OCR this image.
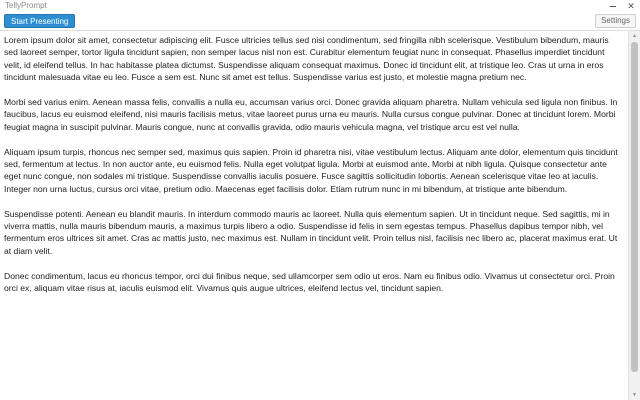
TellyPrompt	✕
Start Presenting	Settings

Lorem ipsum dolor sit amet, consectetur adipiscing elit. Fusce ultricies tellus sed nisi condimentum, sed fringilla nibh scelerisque. Vestibulum bibendum, mauris sed laoreet semper, tortor ligula tincidunt sapien, non semper lacus nisl non est. Curabitur elementum feugiat nunc in consequat. Phasellus imperdiet tincidunt velit, id eleifend tellus. In hac habitasse platea dictumst. Suspendisse aliquam consequat maximus. Donec id tincidunt elit, at tristique leo. Cras ut urna in eros tincidunt malesuada vitae eu leo. Fusce a sem est. Nunc sit amet est tellus. Suspendisse varius est justo, et molestie magna pretium nec.

Morbi sed varius enim. Aenean massa felis, convallis a nulla eu, accumsan varius orci. Donec gravida aliquam pharetra. Nullam vehicula sed ligula non finibus. In faucibus, lacus eu euismod eleifend, nisi mauris facilisis metus, vitae laoreet purus urna eu mauris. Nulla cursus congue pulvinar. Donec at tincidunt lorem. Morbi feugiat magna in suscipit pulvinar. Mauris congue, nunc at convallis gravida, odio mauris vehicula magna, vel tristique arcu est vel nulla.

Aliquam ipsum turpis, rhoncus nec semper sed, maximus quis sapien. Proin id pharetra nisi, vitae vestibulum lectus. Aliquam ante dolor, elementum quis tincidunt sed, fermentum at lectus. In non auctor ante, eu euismod felis. Nulla eget volutpat ligula. Morbi at euismod ante. Morbi at nibh ligula. Quisque consectetur ante eget nunc congue, non sodales mi tristique. Suspendisse convallis iaculis posuere. Fusce sagittis sollicitudin lobortis. Aenean scelerisque vitae leo at iaculis. Integer non urna luctus, cursus orci vitae, pretium odio. Maecenas eget facilisis dolor. Etiam rutrum nunc in mi bibendum, at tristique ante bibendum.

Suspendisse potenti. Aenean eu blandit mauris. In interdum commodo mauris ac laoreet. Nulla quis elementum sapien. Ut in tincidunt neque. Sed sagittis, mi in viverra mattis, nulla mauris bibendum mauris, a maximus turpis libero a odio. Suspendisse id felis in sem egestas tempus. Phasellus dapibus tempor nibh, vel fermentum eros ultrices sit amet. Cras ac mattis justo, nec maximus est. Nullam in tincidunt velit. Proin tellus nisl, facilisis nec libero ac, placerat maximus erat. Ut at diam velit.

Donec condimentum, lacus eu rhoncus tempor, orci dui finibus neque, sed ullamcorper sem odio ut eros. Nam eu finibus odio. Vivamus ut consectetur orci. Proin orci ex, aliquam vitae risus at, iaculis euismod elit. Vivamus quis augue ultrices, eleifend lectus vel, tincidunt sapien.

▲
▼
